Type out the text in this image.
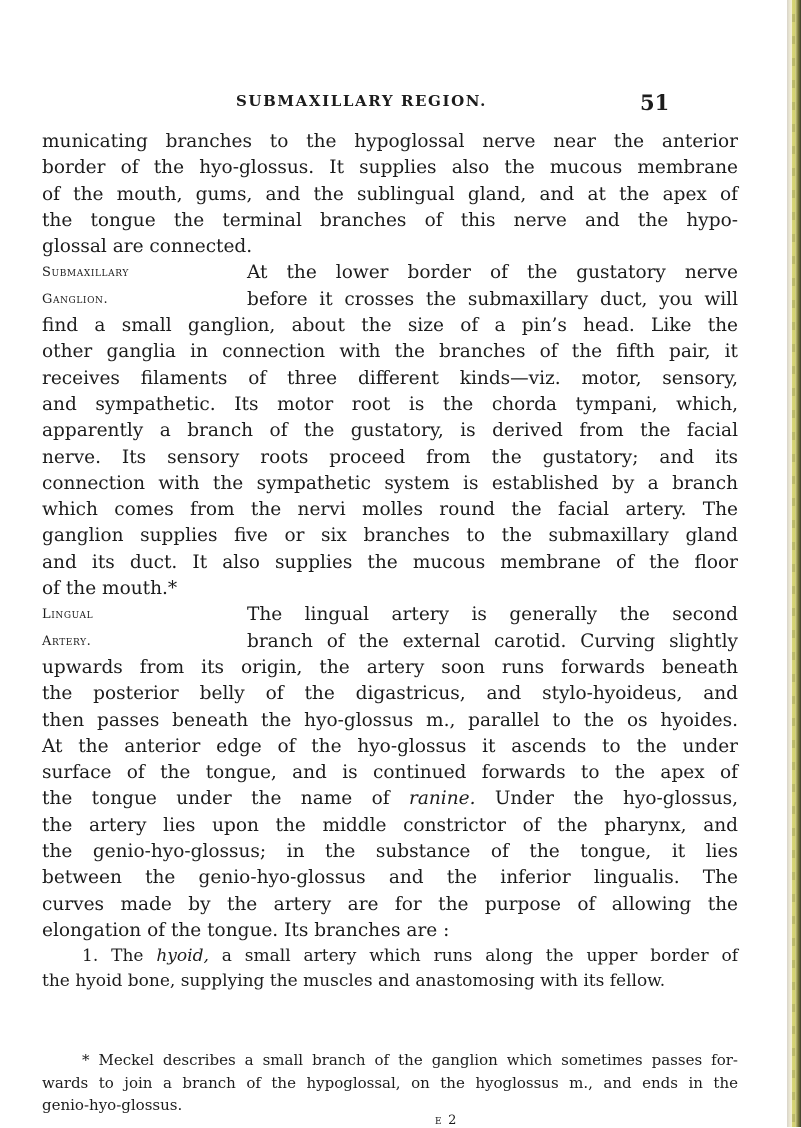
SUBMAXILLARY REGION.	51
municating branches to the hypoglossal nerve near the anterior
border of the hyo-glossus. It supplies also the mucous membrane
of the mouth, gums, and the sublingual gland, and at the apex of
the tongue the terminal branches of this nerve and the hypo-
glossal are connected.
Submaxillary	At the lower border of the gustatory nerve
Ganglion.	before it crosses the submaxillary duct, you will
find a small ganglion, about the size of a pin’s head. Like the
other ganglia in connection with the branches of the fifth pair, it
receives filaments of three different kinds—viz. motor, sensory,
and sympathetic. Its motor root is the chorda tympani, which,
apparently a branch of the gustatory, is derived from the facial
nerve. Its sensory roots proceed from the gustatory; and its
connection with the sympathetic system is established by a branch
which comes from the nervi molles round the facial artery. The
ganglion supplies five or six branches to the submaxillary gland
and its duct. It also supplies the mucous membrane of the floor
of the mouth.*
Lingual	The lingual artery is generally the second
Artery.	branch of the external carotid. Curving slightly
upwards from its origin, the artery soon runs forwards beneath
the posterior belly of the digastricus, and stylo-hyoideus, and
then passes beneath the hyo-glossus m., parallel to the os hyoides.
At the anterior edge of the hyo-glossus it ascends to the under
surface of the tongue, and is continued forwards to the apex of
the tongue under the name of ranine. Under the hyo-glossus,
the artery lies upon the middle constrictor of the pharynx, and
the genio-hyo-glossus; in the substance of the tongue, it lies
between the genio-hyo-glossus and the inferior lingualis. The
curves made by the artery are for the purpose of allowing the
elongation of the tongue. Its branches are :
1. The hyoid, a small artery which runs along the upper border of
the hyoid bone, supplying the muscles and anastomosing with its fellow.
* Meckel describes a small branch of the ganglion which sometimes passes for-
wards to join a branch of the hypoglossal, on the hyoglossus m., and ends in the
genio-hyo-glossus.
e 2
